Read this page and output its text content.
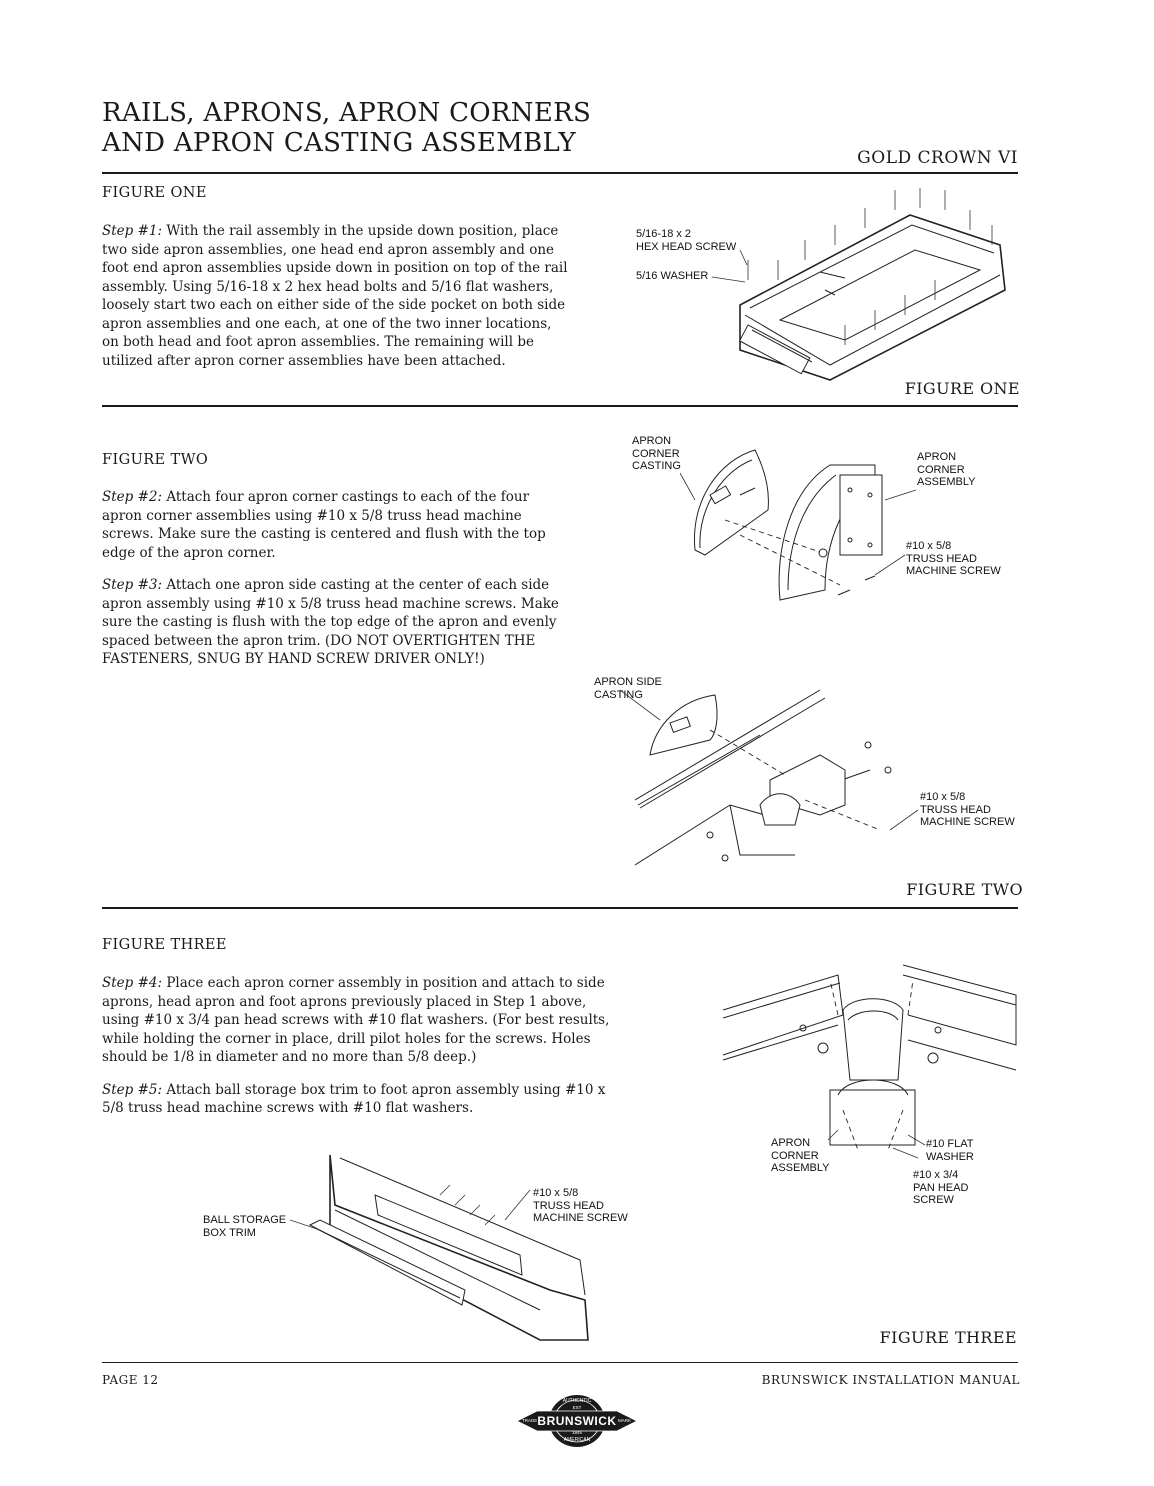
RAILS, APRONS, APRON CORNERS
AND APRON CASTING ASSEMBLY	GOLD CROWN VI
FIGURE ONE

Step #1: With the rail assembly in the upside down position, place two side apron assemblies, one head end apron assembly and one foot end apron assemblies upside down in position on top of the rail assembly. Using 5/16-18 x 2 hex head bolts and 5/16 flat washers, loosely start two each on either side of the side pocket on both side apron assemblies and one each, at one of the two inner locations, on both head and foot apron assemblies. The remaining will be utilized after apron corner assemblies have been attached.

5/16-18 x 2
HEX HEAD SCREW
5/16 WASHER
FIGURE ONE
FIGURE TWO

Step #2: Attach four apron corner castings to each of the four apron corner assemblies using #10 x 5/8 truss head machine screws. Make sure the casting is centered and flush with the top edge of the apron corner.

Step #3: Attach one apron side casting at the center of each side apron assembly using #10 x 5/8 truss head machine screws. Make sure the casting is flush with the top edge of the apron and evenly spaced between the apron trim. (DO NOT OVERTIGHTEN THE FASTENERS, SNUG BY HAND SCREW DRIVER ONLY!)

APRON
CORNER
CASTING
APRON
CORNER
ASSEMBLY
#10 x 5/8
TRUSS HEAD
MACHINE SCREW
APRON SIDE
CASTING
#10 x 5/8
TRUSS HEAD
MACHINE SCREW
FIGURE TWO
FIGURE THREE

Step #4: Place each apron corner assembly in position and attach to side aprons, head apron and foot aprons previously placed in Step 1 above, using #10 x 3/4 pan head screws with #10 flat washers. (For best results, while holding the corner in place, drill pilot holes for the screws. Holes should be 1/8 in diameter and no more than 5/8 deep.)

Step #5: Attach ball storage box trim to foot apron assembly using #10 x 5/8 truss head machine screws with #10 flat washers.

APRON
CORNER
ASSEMBLY
#10 FLAT
WASHER
#10 x 3/4
PAN HEAD
SCREW
BALL STORAGE
BOX TRIM
#10 x 5/8
TRUSS HEAD
MACHINE SCREW
FIGURE THREE
PAGE 12	BRUNSWICK INSTALLATION MANUAL
BRUNSWICK
AUTHENTIC
EST
1845
AMERICAN
TRADE	MARK
